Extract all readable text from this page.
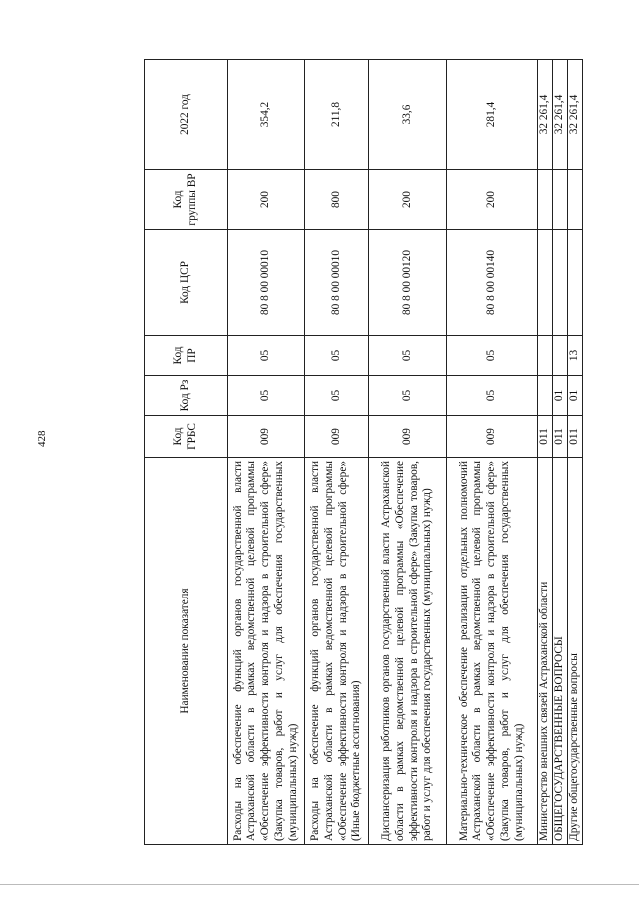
428
Наименование показателя	Код ГРБС	Код Рз	Код ПР	Код ЦСР	Код группы ВР	2022 год
Расходы на обеспечение функций органов государственной власти Астраханской области в рамках ведомственной целевой программы «Обеспечение эффективности контроля и надзора в строительной сфере» (Закупка товаров, работ и услуг для обеспечения государственных (муниципальных) нужд)	009	05	05	80 8 00 00010	200	354,2
Расходы на обеспечение функций органов государственной власти Астраханской области в рамках ведомственной целевой программы «Обеспечение эффективности контроля и надзора в строительной сфере» (Иные бюджетные ассигнования)	009	05	05	80 8 00 00010	800	211,8
Диспансеризация работников органов государственной власти Астраханской области в рамках ведомственной целевой программы «Обеспечение эффективности контроля и надзора в строительной сфере» (Закупка товаров, работ и услуг для обеспечения государственных (муниципальных) нужд)	009	05	05	80 8 00 00120	200	33,6
Материально-техническое обеспечение реализации отдельных полномочий Астраханской области в рамках ведомственной целевой программы «Обеспечение эффективности контроля и надзора в строительной сфере» (Закупка товаров, работ и услуг для обеспечения государственных (муниципальных) нужд)	009	05	05	80 8 00 00140	200	281,4
Министерство внешних связей Астраханской области	011					32 261,4
ОБЩЕГОСУДАРСТВЕННЫЕ ВОПРОСЫ	011	01				32 261,4
Другие общегосударственные вопросы	011	01	13			32 261,4
